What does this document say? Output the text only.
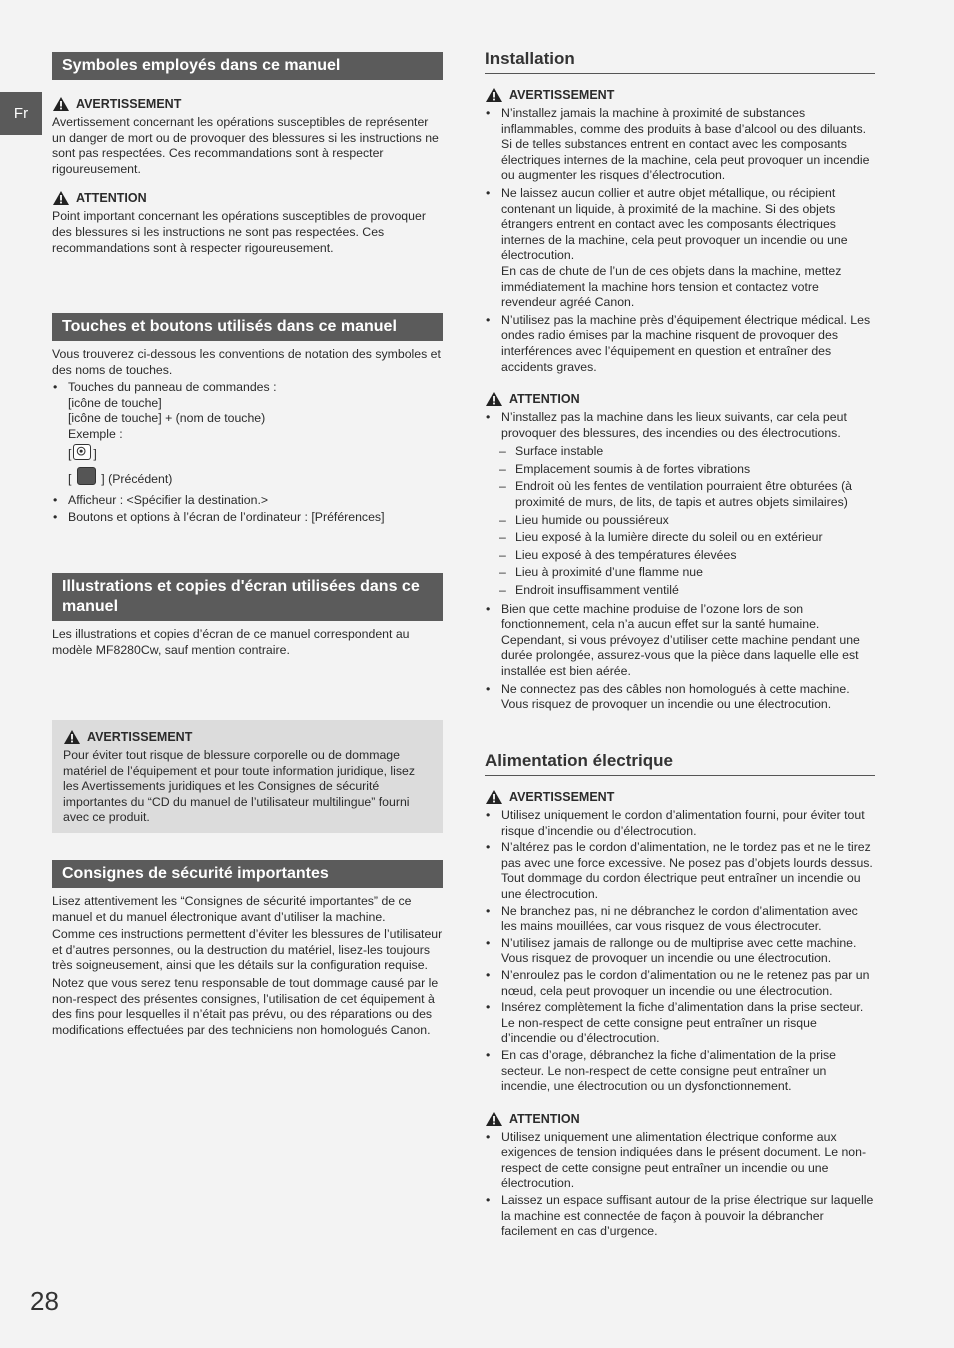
Fr
Symboles employés dans ce manuel
AVERTISSEMENT

Avertissement concernant les opérations susceptibles de représenter un danger de mort ou de provoquer des blessures si les instructions ne sont pas respectées. Ces recommandations sont à respecter rigoureusement.

ATTENTION

Point important concernant les opérations susceptibles de provoquer des blessures si les instructions ne sont pas respectées. Ces recommandations sont à respecter rigoureusement.

Touches et boutons utilisés dans ce manuel

Vous trouverez ci-dessous les conventions de notation des symboles et des noms de touches.

• Touches du panneau de commandes :
[icône de touche]
[icône de touche] + (nom de touche)
Exemple :
[ ]
[ ] (Précédent)
• Afficheur : <Spécifier la destination.>
• Boutons et options à l’écran de l’ordinateur : [Préférences]
Illustrations et copies d'écran utilisées dans ce manuel

Les illustrations et copies d’écran de ce manuel correspondent au modèle MF8280Cw, sauf mention contraire.

AVERTISSEMENT

Pour éviter tout risque de blessure corporelle ou de dommage matériel de l’équipement et pour toute information juridique, lisez les Avertissements juridiques et les Consignes de sécurité importantes du “CD du manuel de l’utilisateur multilingue” fourni avec ce produit.

Consignes de sécurité importantes

Lisez attentivement les “Consignes de sécurité importantes” de ce manuel et du manuel électronique avant d’utiliser la machine.

Comme ces instructions permettent d’éviter les blessures de l’utilisateur et d’autres personnes, ou la destruction du matériel, lisez-les toujours très soigneusement, ainsi que les détails sur la configuration requise.

Notez que vous serez tenu responsable de tout dommage causé par le non-respect des présentes consignes, l’utilisation de cet équipement à des fins pour lesquelles il n’était pas prévu, ou des réparations ou des modifications effectuées par des techniciens non homologués Canon.

Installation
AVERTISSEMENT
• N’installez jamais la machine à proximité de substances inflammables, comme des produits à base d’alcool ou des diluants. Si de telles substances entrent en contact avec les composants électriques internes de la machine, cela peut provoquer un incendie ou augmenter les risques d’électrocution.
• Ne laissez aucun collier et autre objet métallique, ou récipient contenant un liquide, à proximité de la machine. Si des objets étrangers entrent en contact avec les composants électriques internes de la machine, cela peut provoquer un incendie ou une électrocution.
En cas de chute de l’un de ces objets dans la machine, mettez immédiatement la machine hors tension et contactez votre revendeur agréé Canon.
• N’utilisez pas la machine près d’équipement électrique médical. Les ondes radio émises par la machine risquent de provoquer des interférences avec l’équipement en question et entraîner des accidents graves.
ATTENTION
• N’installez pas la machine dans les lieux suivants, car cela peut provoquer des blessures, des incendies ou des électrocutions.
– Surface instable
– Emplacement soumis à de fortes vibrations
– Endroit où les fentes de ventilation pourraient être obturées (à proximité de murs, de lits, de tapis et autres objets similaires)
– Lieu humide ou poussiéreux
– Lieu exposé à la lumière directe du soleil ou en extérieur
– Lieu exposé à des températures élevées
– Lieu à proximité d’une flamme nue
– Endroit insuffisamment ventilé
• Bien que cette machine produise de l’ozone lors de son fonctionnement, cela n’a aucun effet sur la santé humaine. Cependant, si vous prévoyez d’utiliser cette machine pendant une durée prolongée, assurez-vous que la pièce dans laquelle elle est installée est bien aérée.
• Ne connectez pas des câbles non homologués à cette machine. Vous risquez de provoquer un incendie ou une électrocution.
Alimentation électrique
AVERTISSEMENT
• Utilisez uniquement le cordon d’alimentation fourni, pour éviter tout risque d’incendie ou d’électrocution.
• N’altérez pas le cordon d’alimentation, ne le tordez pas et ne le tirez pas avec une force excessive. Ne posez pas d’objets lourds dessus. Tout dommage du cordon électrique peut entraîner un incendie ou une électrocution.
• Ne branchez pas, ni ne débranchez le cordon d’alimentation avec les mains mouillées, car vous risquez de vous électrocuter.
• N’utilisez jamais de rallonge ou de multiprise avec cette machine. Vous risquez de provoquer un incendie ou une électrocution.
• N’enroulez pas le cordon d’alimentation ou ne le retenez pas par un nœud, cela peut provoquer un incendie ou une électrocution.
• Insérez complètement la fiche d’alimentation dans la prise secteur. Le non-respect de cette consigne peut entraîner un risque d’incendie ou d’électrocution.
• En cas d’orage, débranchez la fiche d’alimentation de la prise secteur. Le non-respect de cette consigne peut entraîner un incendie, une électrocution ou un dysfonctionnement.
ATTENTION
• Utilisez uniquement une alimentation électrique conforme aux exigences de tension indiquées dans le présent document. Le non-respect de cette consigne peut entraîner un incendie ou une électrocution.
• Laissez un espace suffisant autour de la prise électrique sur laquelle la machine est connectée de façon à pouvoir la débrancher facilement en cas d’urgence.
28
